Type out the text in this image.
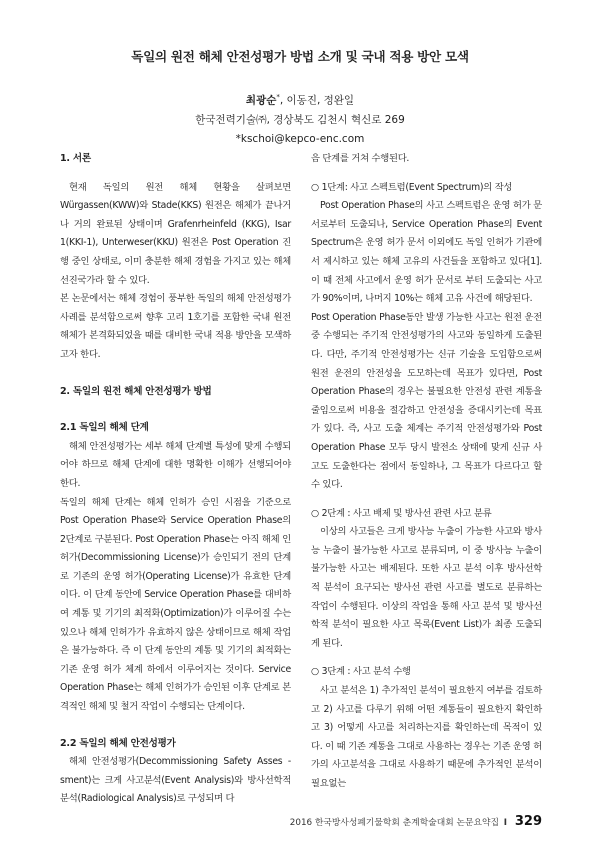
독일의 원전 해체 안전성평가 방법 소개 및 국내 적용 방안 모색
최광순*, 이동진, 정완일
한국전력기술㈜, 경상북도 김천시 혁신로 269
*kschoi@kepco-enc.com

1. 서론

현재 독일의 원전 해체 현황을 살펴보면 Würgassen(KWW)와 Stade(KKS) 원전은 해체가 끝나거나 거의 완료된 상태이며 Grafenrheinfeld (KKG), Isar 1(KKI-1), Unterweser(KKU) 원전은 Post Operation 진행 중인 상태로, 이미 충분한 해체 경험을 가지고 있는 해체 선진국가라 할 수 있다.

본 논문에서는 해체 경험이 풍부한 독일의 해체 안전성평가 사례를 분석함으로써 향후 고리 1호기를 포함한 국내 원전 해체가 본격화되었을 때를 대비한 국내 적용 방안을 모색하고자 한다.

2. 독일의 원전 해체 안전성평가 방법

2.1 독일의 해체 단계

해체 안전성평가는 세부 해체 단계별 특성에 맞게 수행되어야 하므로 해체 단계에 대한 명확한 이해가 선행되어야 한다.

독일의 해체 단계는 해체 인허가 승인 시점을 기준으로 Post Operation Phase와 Service Operation Phase의 2단계로 구분된다. Post Operation Phase는 아직 해체 인허가(Decommissioning License)가 승인되기 전의 단계로 기존의 운영 허가(Operating License)가 유효한 단계이다. 이 단계 동안에 Service Operation Phase를 대비하여 계통 및 기기의 최적화(Optimization)가 이루어질 수는 있으나 해체 인허가가 유효하지 않은 상태이므로 해체 작업은 불가능하다. 즉 이 단계 동안의 계통 및 기기의 최적화는 기존 운영 허가 체계 하에서 이루어지는 것이다. Service Operation Phase는 해체 인허가가 승인된 이후 단계로 본격적인 해체 및 철거 작업이 수행되는 단계이다.

2.2 독일의 해체 안전성평가

해체 안전성평가(Decommissioning Safety Asses -sment)는 크게 사고분석(Event Analysis)와 방사선학적 분석(Radiological Analysis)로 구성되며 다

음 단계를 거쳐 수행된다.

○ 1단계: 사고 스펙트럼(Event Spectrum)의 작성

Post Operation Phase의 사고 스펙트럼은 운영 허가 문서로부터 도출되나, Service Operation Phase의 Event Spectrum은 운영 허가 문서 이외에도 독일 인허가 기관에서 제시하고 있는 해체 고유의 사건들을 포함하고 있다[1]. 이 때 전체 사고에서 운영 허가 문서로 부터 도출되는 사고가 90%이며, 나머지 10%는 해체 고유 사건에 해당된다.

Post Operation Phase동안 발생 가능한 사고는 원전 운전 중 수행되는 주기적 안전성평가의 사고와 동일하게 도출된다. 다만, 주기적 안전성평가는 신규 기술을 도입함으로써 원전 운전의 안전성을 도모하는데 목표가 있다면, Post Operation Phase의 경우는 불필요한 안전성 관련 계통을 줄임으로써 비용을 절감하고 안전성을 증대시키는데 목표가 있다. 즉, 사고 도출 체계는 주기적 안전성평가와 Post Operation Phase 모두 당시 발전소 상태에 맞게 신규 사고도 도출한다는 점에서 동일하나, 그 목표가 다르다고 할 수 있다.

○ 2단계 : 사고 배제 및 방사선 관련 사고 분류

이상의 사고들은 크게 방사능 누출이 가능한 사고와 방사능 누출이 불가능한 사고로 분류되며, 이 중 방사능 누출이 불가능한 사고는 배제된다. 또한 사고 분석 이후 방사선학적 분석이 요구되는 방사선 관련 사고를 별도로 분류하는 작업이 수행된다. 이상의 작업을 통해 사고 분석 및 방사선학적 분석이 필요한 사고 목록(Event List)가 최종 도출되게 된다.

○ 3단계 : 사고 분석 수행

사고 분석은 1) 추가적인 분석이 필요한지 여부를 검토하고 2) 사고를 다루기 위해 어떤 계통들이 필요한지 확인하고 3) 어떻게 사고를 처리하는지를 확인하는데 목적이 있다. 이 때 기존 계통을 그대로 사용하는 경우는 기존 운영 허가의 사고분석을 그대로 사용하기 때문에 추가적인 분석이 필요없는

2016 한국방사성폐기물학회 춘계학술대회 논문요약집 I 329
